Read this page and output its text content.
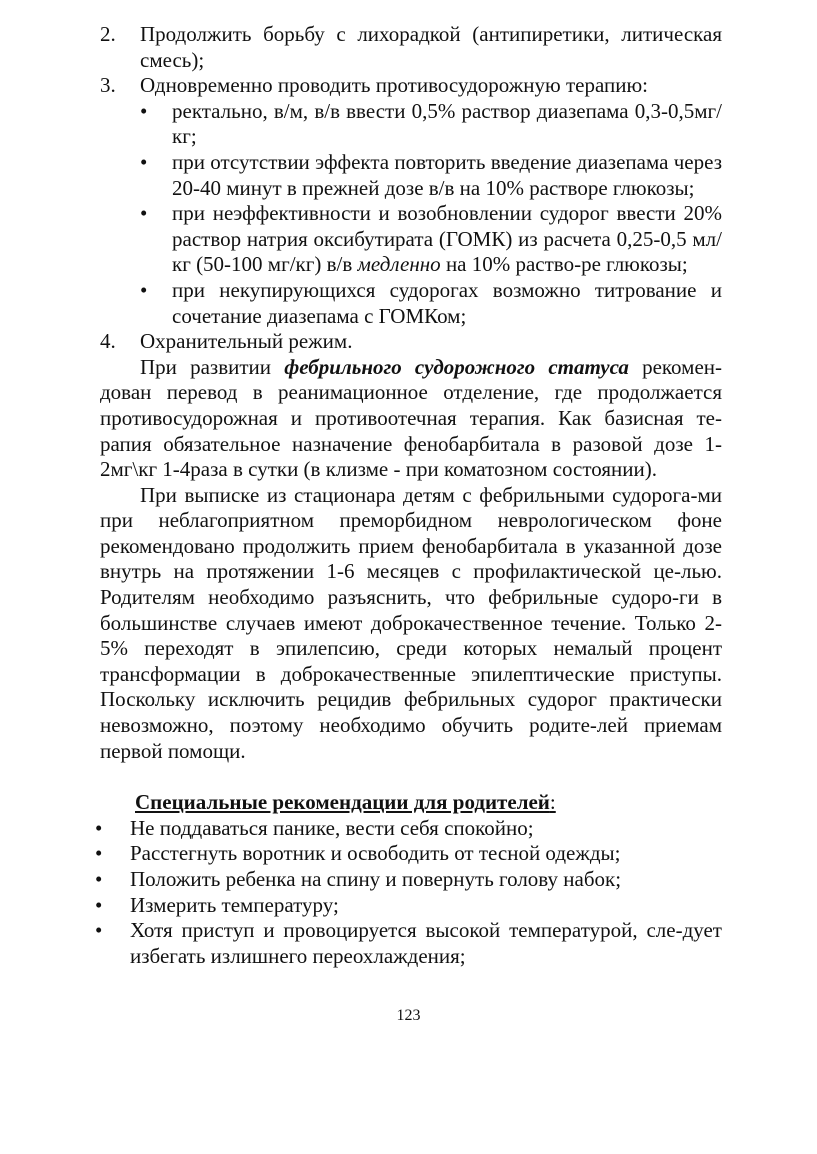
2. Продолжить борьбу с лихорадкой (антипиретики, литическая смесь);
3. Одновременно проводить противосудорожную терапию:
• ректально, в/м, в/в ввести 0,5% раствор диазепама 0,3-0,5мг/кг;
• при отсутствии эффекта повторить введение диазепама через 20-40 минут в прежней дозе в/в на 10% растворе глюкозы;
• при неэффективности и возобновлении судорог ввести 20% раствор натрия оксибутирата (ГОМК) из расчета 0,25-0,5 мл/кг (50-100 мг/кг) в/в медленно на 10% раство-ре глюкозы;
• при некупирующихся судорогах возможно титрование и сочетание диазепама с ГОМКом;
4. Охранительный режим.

При развитии фебрильного судорожного статуса рекомен-дован перевод в реанимационное отделение, где продолжается противосудорожная и противоотечная терапия. Как базисная те-рапия обязательное назначение фенобарбитала в разовой дозе 1-2мг\кг 1-4раза в сутки (в клизме - при коматозном состоянии).

При выписке из стационара детям с фебрильными судорога-ми при неблагоприятном преморбидном неврологическом фоне рекомендовано продолжить прием фенобарбитала в указанной дозе внутрь на протяжении 1-6 месяцев с профилактической це-лью. Родителям необходимо разъяснить, что фебрильные судоро-ги в большинстве случаев имеют доброкачественное течение. Только 2-5% переходят в эпилепсию, среди которых немалый процент трансформации в доброкачественные эпилептические приступы. Поскольку исключить рецидив фебрильных судорог практически невозможно, поэтому необходимо обучить родите-лей приемам первой помощи.

Специальные рекомендации для родителей:
• Не поддаваться панике, вести себя спокойно;
• Расстегнуть воротник и освободить от тесной одежды;
• Положить ребенка на спину и повернуть голову набок;
• Измерить температуру;
• Хотя приступ и провоцируется высокой температурой, сле-дует избегать излишнего переохлаждения;
123
